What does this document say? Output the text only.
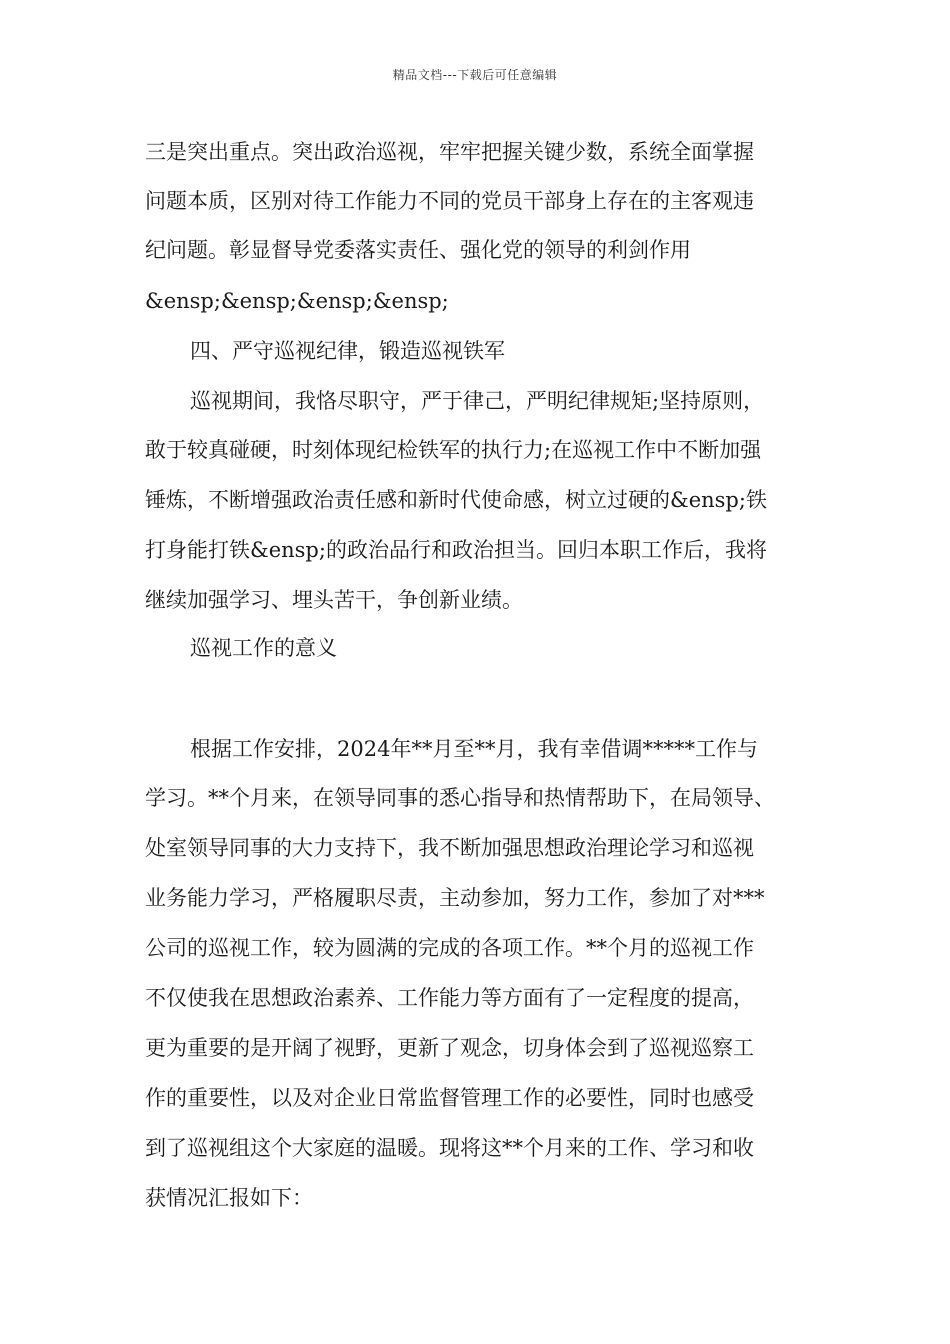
精品文档---下载后可任意编辑
三是突出重点。突出政治巡视，牢牢把握关键少数，系统全面掌握
问题本质，区别对待工作能力不同的党员干部身上存在的主客观违
纪问题。彰显督导党委落实责任、强化党的领导的利剑作用
&ensp;&ensp;&ensp;&ensp;
四、严守巡视纪律，锻造巡视铁军
巡视期间，我恪尽职守，严于律己，严明纪律规矩;坚持原则，
敢于较真碰硬，时刻体现纪检铁军的执行力;在巡视工作中不断加强
锤炼，不断增强政治责任感和新时代使命感，树立过硬的&ensp;铁
打身能打铁&ensp;的政治品行和政治担当。回归本职工作后，我将
继续加强学习、埋头苦干，争创新业绩。
巡视工作的意义
根据工作安排，2024年**月至**月，我有幸借调*****工作与
学习。**个月来，在领导同事的悉心指导和热情帮助下，在局领导、
处室领导同事的大力支持下，我不断加强思想政治理论学习和巡视
业务能力学习，严格履职尽责，主动参加，努力工作，参加了对***
公司的巡视工作，较为圆满的完成的各项工作。**个月的巡视工作
不仅使我在思想政治素养、工作能力等方面有了一定程度的提高，
更为重要的是开阔了视野，更新了观念，切身体会到了巡视巡察工
作的重要性，以及对企业日常监督管理工作的必要性，同时也感受
到了巡视组这个大家庭的温暖。现将这**个月来的工作、学习和收
获情况汇报如下：
